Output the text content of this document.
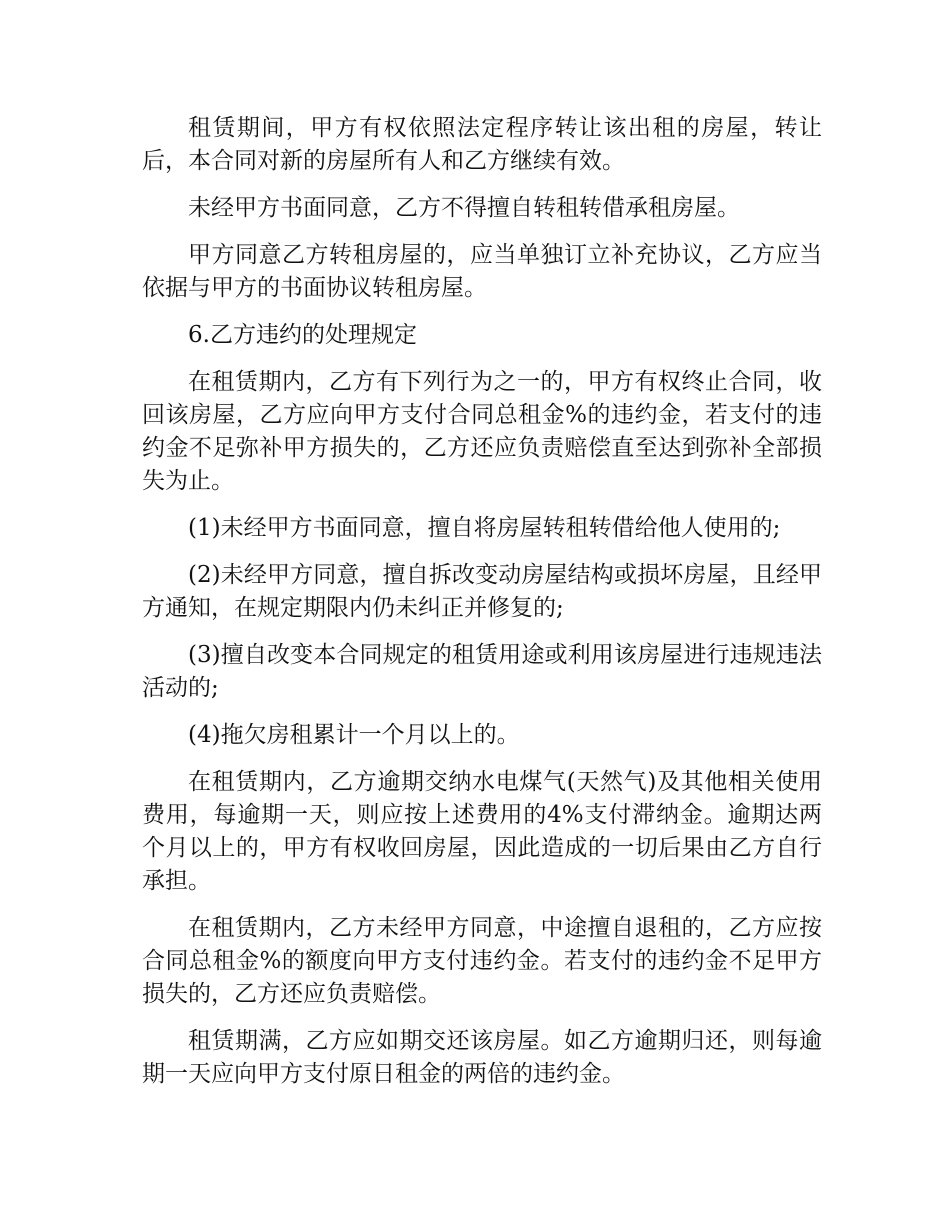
租赁期间，甲方有权依照法定程序转让该出租的房屋，转让后，本合同对新的房屋所有人和乙方继续有效。

未经甲方书面同意，乙方不得擅自转租转借承租房屋。

甲方同意乙方转租房屋的，应当单独订立补充协议，乙方应当依据与甲方的书面协议转租房屋。

6.乙方违约的处理规定

在租赁期内，乙方有下列行为之一的，甲方有权终止合同，收回该房屋，乙方应向甲方支付合同总租金%的违约金，若支付的违约金不足弥补甲方损失的，乙方还应负责赔偿直至达到弥补全部损失为止。

(1)未经甲方书面同意，擅自将房屋转租转借给他人使用的;

(2)未经甲方同意，擅自拆改变动房屋结构或损坏房屋，且经甲方通知，在规定期限内仍未纠正并修复的;

(3)擅自改变本合同规定的租赁用途或利用该房屋进行违规违法活动的;

(4)拖欠房租累计一个月以上的。

在租赁期内，乙方逾期交纳水电煤气(天然气)及其他相关使用费用，每逾期一天，则应按上述费用的4%支付滞纳金。逾期达两个月以上的，甲方有权收回房屋，因此造成的一切后果由乙方自行承担。

在租赁期内，乙方未经甲方同意，中途擅自退租的，乙方应按合同总租金%的额度向甲方支付违约金。若支付的违约金不足甲方损失的，乙方还应负责赔偿。

租赁期满，乙方应如期交还该房屋。如乙方逾期归还，则每逾期一天应向甲方支付原日租金的两倍的违约金。
